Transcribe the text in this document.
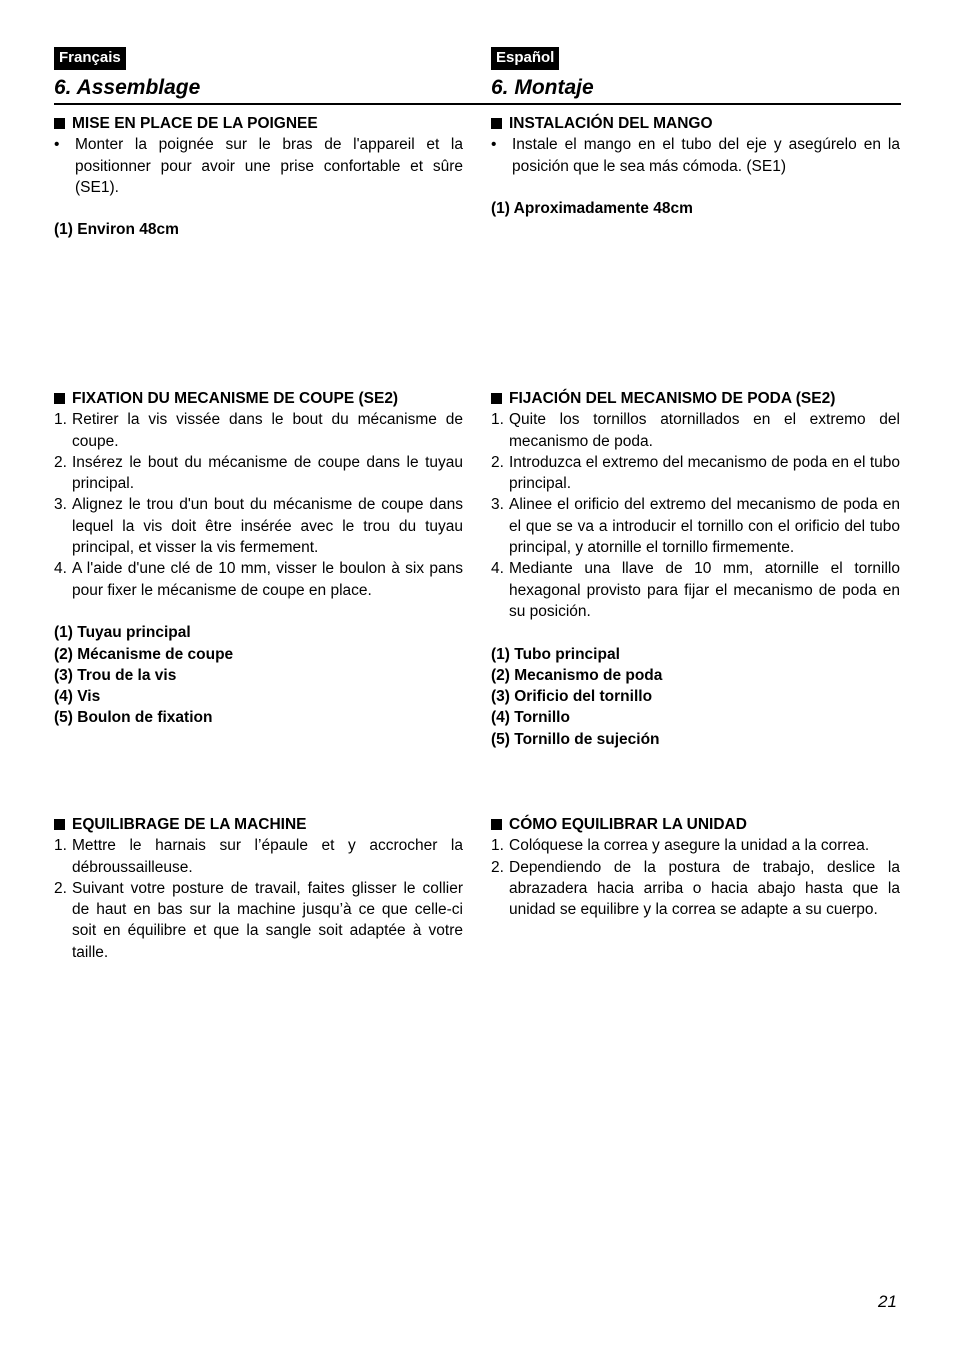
Français
6. Assemblage
MISE EN PLACE DE LA POIGNEE
•	Monter la poignée sur le bras de l'appareil et la positionner pour avoir une prise confortable et sûre (SE1).
(1) Environ 48cm
FIXATION DU MECANISME DE COUPE (SE2)
1. Retirer la vis vissée dans le bout du mécanisme de coupe.
2. Insérez le bout du mécanisme de coupe dans le tuyau principal.
3. Alignez le trou d'un bout du mécanisme de coupe dans lequel la vis doit être insérée avec le trou du tuyau principal, et visser la vis fermement.
4. A l'aide d'une clé de 10 mm, visser le boulon à six pans pour fixer le mécanisme de coupe en place.
(1) Tuyau principal
(2) Mécanisme de coupe
(3) Trou de la vis
(4) Vis
(5) Boulon de fixation
EQUILIBRAGE DE LA MACHINE
1. Mettre le harnais sur l’épaule et y accrocher la débroussailleuse.
2. Suivant votre posture de travail, faites glisser le collier de haut en bas sur la machine jusqu’à ce que celle-ci soit en équilibre et que la sangle soit adaptée à votre taille.
Español
6. Montaje
INSTALACIÓN DEL MANGO
•	Instale el mango en el tubo del eje y asegúrelo en la posición que le sea más cómoda. (SE1)
(1) Aproximadamente 48cm
FIJACIÓN DEL MECANISMO DE PODA (SE2)
1. Quite los tornillos atornillados en el extremo del mecanismo de poda.
2. Introduzca el extremo del mecanismo de poda en el tubo principal.
3. Alinee el orificio del extremo del mecanismo de poda en el que se va a introducir el tornillo con el orificio del tubo principal, y atornille el tornillo firmemente.
4. Mediante una llave de 10 mm, atornille el tornillo hexagonal provisto para fijar el mecanismo de poda en su posición.
(1) Tubo principal
(2) Mecanismo de poda
(3) Orificio del tornillo
(4) Tornillo
(5) Tornillo de sujeción
CÓMO EQUILIBRAR LA UNIDAD
1. Colóquese la correa y asegure la unidad a la correa.
2. Dependiendo de la postura de trabajo, deslice la abrazadera hacia arriba o hacia abajo hasta que la unidad se equilibre y la correa se adapte a su cuerpo.
21
